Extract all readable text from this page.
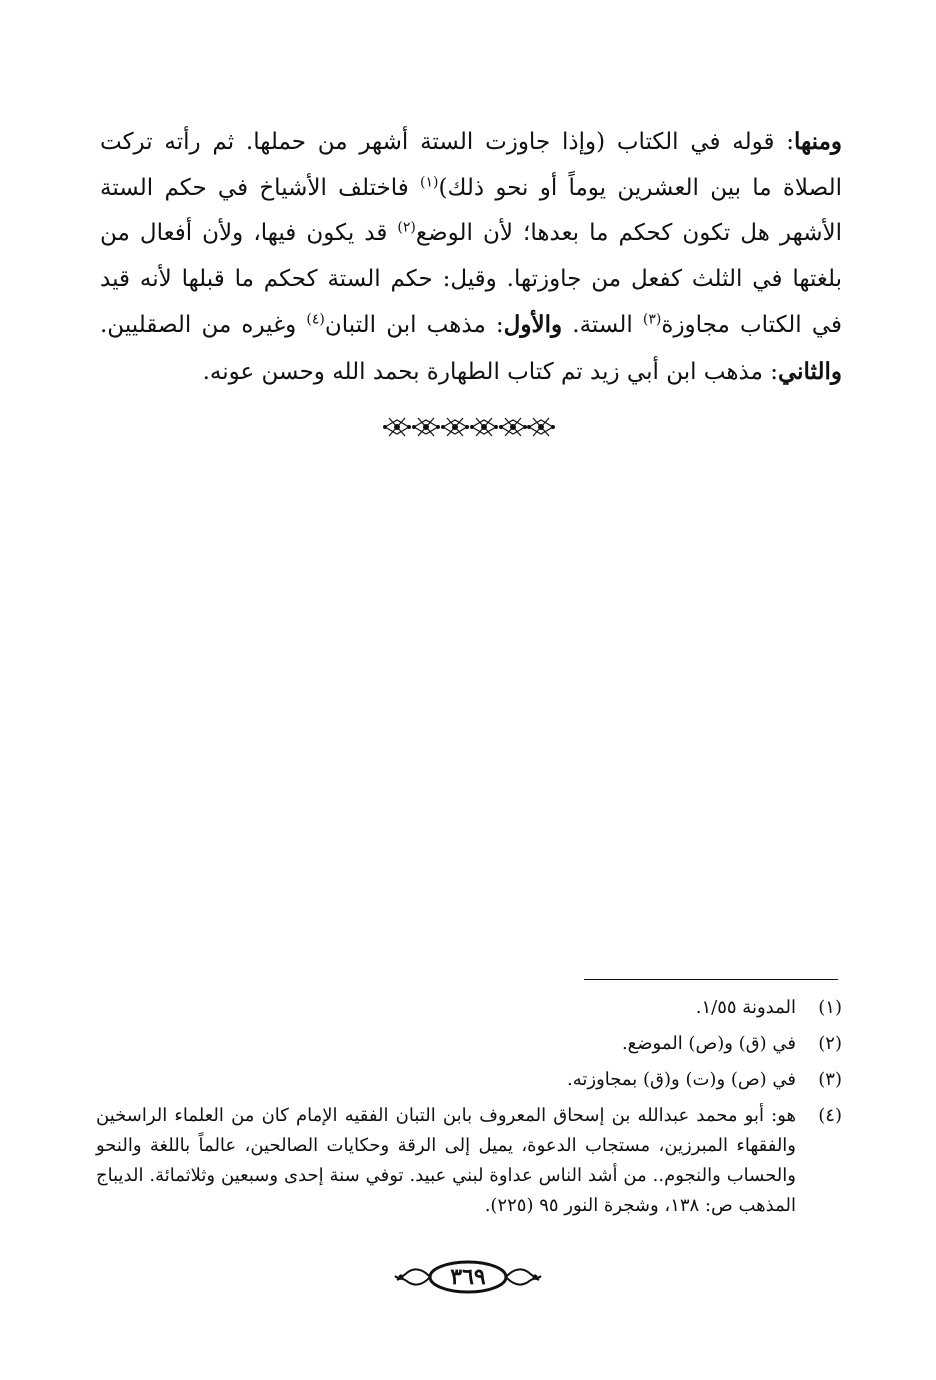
ومنها: قوله في الكتاب (وإذا جاوزت الستة أشهر من حملها. ثم رأته تركت الصلاة ما بين العشرين يوماً أو نحو ذلك)$^{(١)}$ فاختلف الأشياخ في حكم الستة الأشهر هل تكون كحكم ما بعدها؛ لأن الوضع$^{(٢)}$ قد يكون فيها، ولأن أفعال من بلغتها في الثلث كفعل من جاوزتها. وقيل: حكم الستة كحكم ما قبلها لأنه قيد في الكتاب مجاوزة$^{(٣)}$ الستة. والأول: مذهب ابن التبان$^{(٤)}$ وغيره من الصقليين. والثاني: مذهب ابن أبي زيد تم كتاب الطهارة بحمد الله وحسن عونه.

(١)
المدونة ١/٥٥.
(٢)
في (ق) و(ص) الموضع.
(٣)
في (ص) و(ت) و(ق) بمجاوزته.
(٤)
هو: أبو محمد عبدالله بن إسحاق المعروف بابن التبان الفقيه الإمام كان من العلماء الراسخين والفقهاء المبرزين، مستجاب الدعوة، يميل إلى الرقة وحكايات الصالحين، عالماً باللغة والنحو والحساب والنجوم.. من أشد الناس عداوة لبني عبيد. توفي سنة إحدى وسبعين وثلاثمائة. الديباج المذهب ص: ١٣٨، وشجرة النور ٩٥ (٢٢٥).
٣٦٩
